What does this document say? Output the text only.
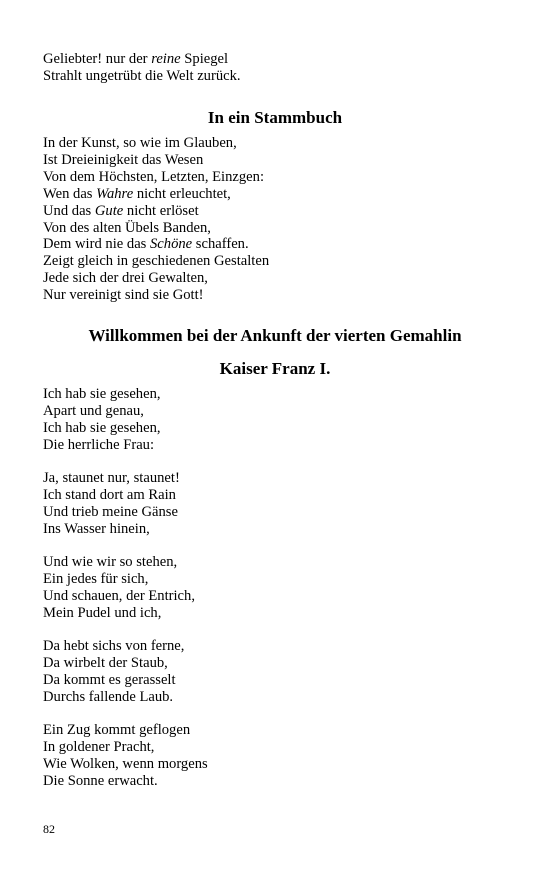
Geliebter! nur der reine Spiegel
Strahlt ungetrübt die Welt zurück.
In ein Stammbuch
In der Kunst, so wie im Glauben,
Ist Dreieinigkeit das Wesen
Von dem Höchsten, Letzten, Einzgen:
Wen das Wahre nicht erleuchtet,
Und das Gute nicht erlöset
Von des alten Übels Banden,
Dem wird nie das Schöne schaffen.
Zeigt gleich in geschiedenen Gestalten
Jede sich der drei Gewalten,
Nur vereinigt sind sie Gott!
Willkommen bei der Ankunft der vierten Gemahlin
Kaiser Franz I.
Ich hab sie gesehen,
Apart und genau,
Ich hab sie gesehen,
Die herrliche Frau:
Ja, staunet nur, staunet!
Ich stand dort am Rain
Und trieb meine Gänse
Ins Wasser hinein,
Und wie wir so stehen,
Ein jedes für sich,
Und schauen, der Entrich,
Mein Pudel und ich,
Da hebt sichs von ferne,
Da wirbelt der Staub,
Da kommt es gerasselt
Durchs fallende Laub.
Ein Zug kommt geflogen
In goldener Pracht,
Wie Wolken, wenn morgens
Die Sonne erwacht.
82
